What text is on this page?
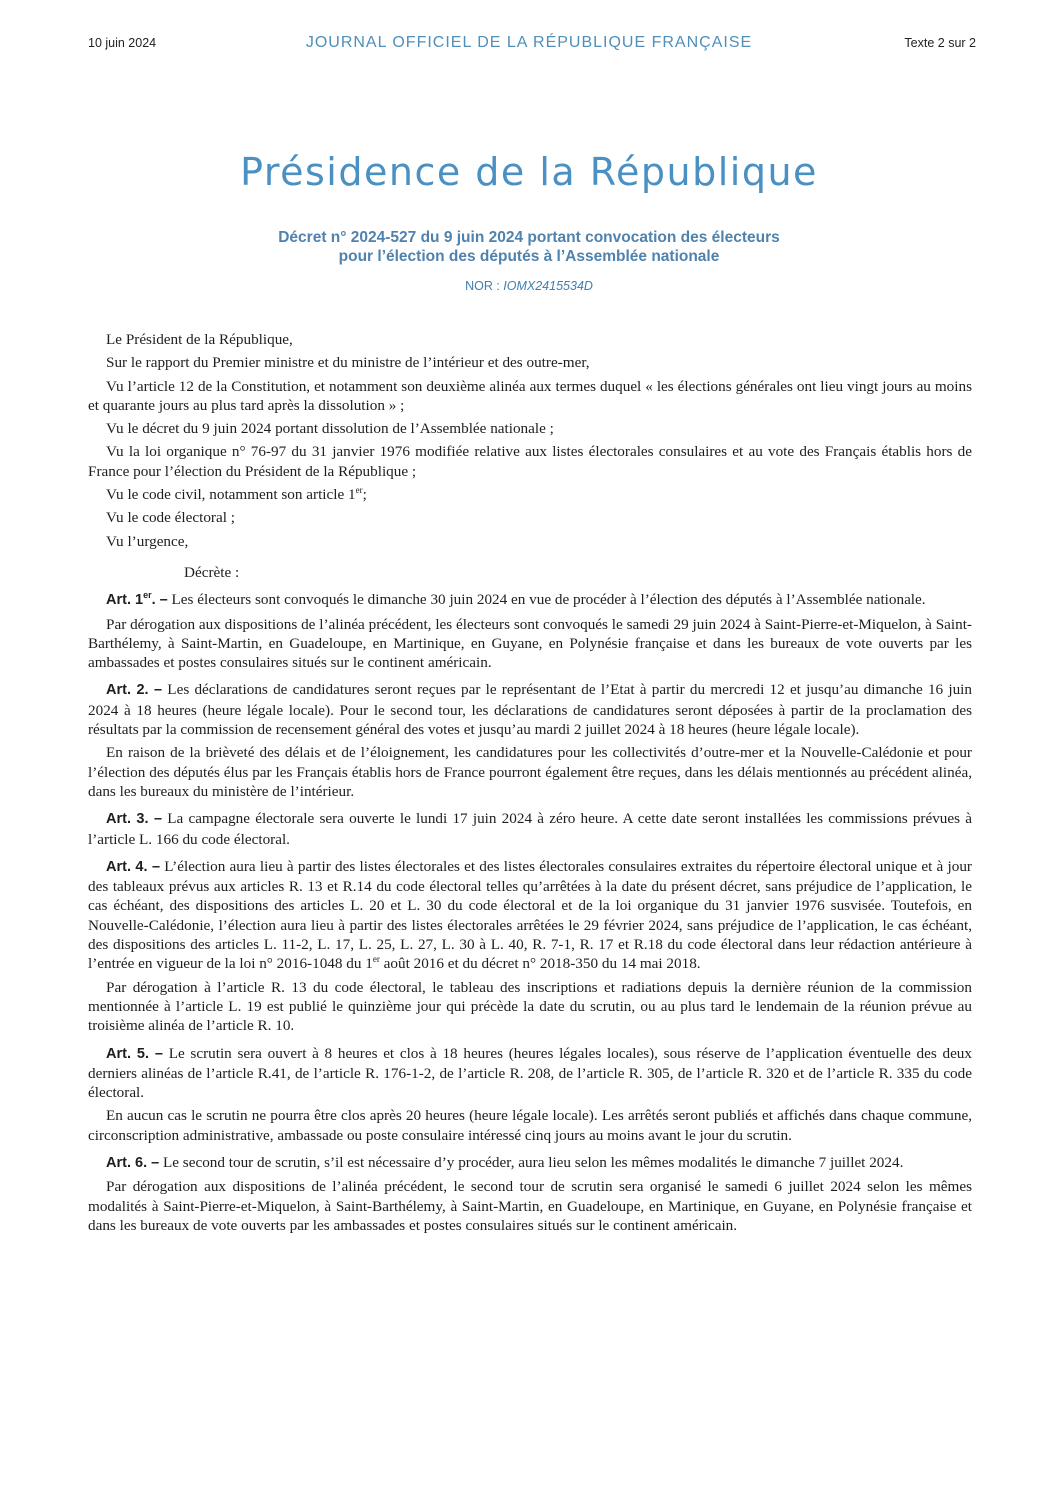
10 juin 2024	JOURNAL OFFICIEL DE LA RÉPUBLIQUE FRANÇAISE	Texte 2 sur 2
Présidence de la République
Décret n° 2024-527 du 9 juin 2024 portant convocation des électeurs
pour l’élection des députés à l’Assemblée nationale
NOR : IOMX2415534D

Le Président de la République,

Sur le rapport du Premier ministre et du ministre de l’intérieur et des outre-mer,

Vu l’article 12 de la Constitution, et notamment son deuxième alinéa aux termes duquel « les élections générales ont lieu vingt jours au moins et quarante jours au plus tard après la dissolution » ;

Vu le décret du 9 juin 2024 portant dissolution de l’Assemblée nationale ;

Vu la loi organique n° 76-97 du 31 janvier 1976 modifiée relative aux listes électorales consulaires et au vote des Français établis hors de France pour l’élection du Président de la République ;

Vu le code civil, notamment son article 1er;

Vu le code électoral ;

Vu l’urgence,

Décrète :

Art. 1er. – Les électeurs sont convoqués le dimanche 30 juin 2024 en vue de procéder à l’élection des députés à l’Assemblée nationale.

Par dérogation aux dispositions de l’alinéa précédent, les électeurs sont convoqués le samedi 29 juin 2024 à Saint-Pierre-et-Miquelon, à Saint-Barthélemy, à Saint-Martin, en Guadeloupe, en Martinique, en Guyane, en Polynésie française et dans les bureaux de vote ouverts par les ambassades et postes consulaires situés sur le continent américain.

Art. 2. – Les déclarations de candidatures seront reçues par le représentant de l’Etat à partir du mercredi 12 et jusqu’au dimanche 16 juin 2024 à 18 heures (heure légale locale). Pour le second tour, les déclarations de candidatures seront déposées à partir de la proclamation des résultats par la commission de recensement général des votes et jusqu’au mardi 2 juillet 2024 à 18 heures (heure légale locale).

En raison de la brièveté des délais et de l’éloignement, les candidatures pour les collectivités d’outre-mer et la Nouvelle-Calédonie et pour l’élection des députés élus par les Français établis hors de France pourront également être reçues, dans les délais mentionnés au précédent alinéa, dans les bureaux du ministère de l’intérieur.

Art. 3. – La campagne électorale sera ouverte le lundi 17 juin 2024 à zéro heure. A cette date seront installées les commissions prévues à l’article L. 166 du code électoral.

Art. 4. – L’élection aura lieu à partir des listes électorales et des listes électorales consulaires extraites du répertoire électoral unique et à jour des tableaux prévus aux articles R. 13 et R.14 du code électoral telles qu’arrêtées à la date du présent décret, sans préjudice de l’application, le cas échéant, des dispositions des articles L. 20 et L. 30 du code électoral et de la loi organique du 31 janvier 1976 susvisée. Toutefois, en Nouvelle-Calédonie, l’élection aura lieu à partir des listes électorales arrêtées le 29 février 2024, sans préjudice de l’application, le cas échéant, des dispositions des articles L. 11-2, L. 17, L. 25, L. 27, L. 30 à L. 40, R. 7-1, R. 17 et R.18 du code électoral dans leur rédaction antérieure à l’entrée en vigueur de la loi n° 2016-1048 du 1er août 2016 et du décret n° 2018-350 du 14 mai 2018.

Par dérogation à l’article R. 13 du code électoral, le tableau des inscriptions et radiations depuis la dernière réunion de la commission mentionnée à l’article L. 19 est publié le quinzième jour qui précède la date du scrutin, ou au plus tard le lendemain de la réunion prévue au troisième alinéa de l’article R. 10.

Art. 5. – Le scrutin sera ouvert à 8 heures et clos à 18 heures (heures légales locales), sous réserve de l’application éventuelle des deux derniers alinéas de l’article R.41, de l’article R. 176-1-2, de l’article R. 208, de l’article R. 305, de l’article R. 320 et de l’article R. 335 du code électoral.

En aucun cas le scrutin ne pourra être clos après 20 heures (heure légale locale). Les arrêtés seront publiés et affichés dans chaque commune, circonscription administrative, ambassade ou poste consulaire intéressé cinq jours au moins avant le jour du scrutin.

Art. 6. – Le second tour de scrutin, s’il est nécessaire d’y procéder, aura lieu selon les mêmes modalités le dimanche 7 juillet 2024.

Par dérogation aux dispositions de l’alinéa précédent, le second tour de scrutin sera organisé le samedi 6 juillet 2024 selon les mêmes modalités à Saint-Pierre-et-Miquelon, à Saint-Barthélemy, à Saint-Martin, en Guadeloupe, en Martinique, en Guyane, en Polynésie française et dans les bureaux de vote ouverts par les ambassades et postes consulaires situés sur le continent américain.
